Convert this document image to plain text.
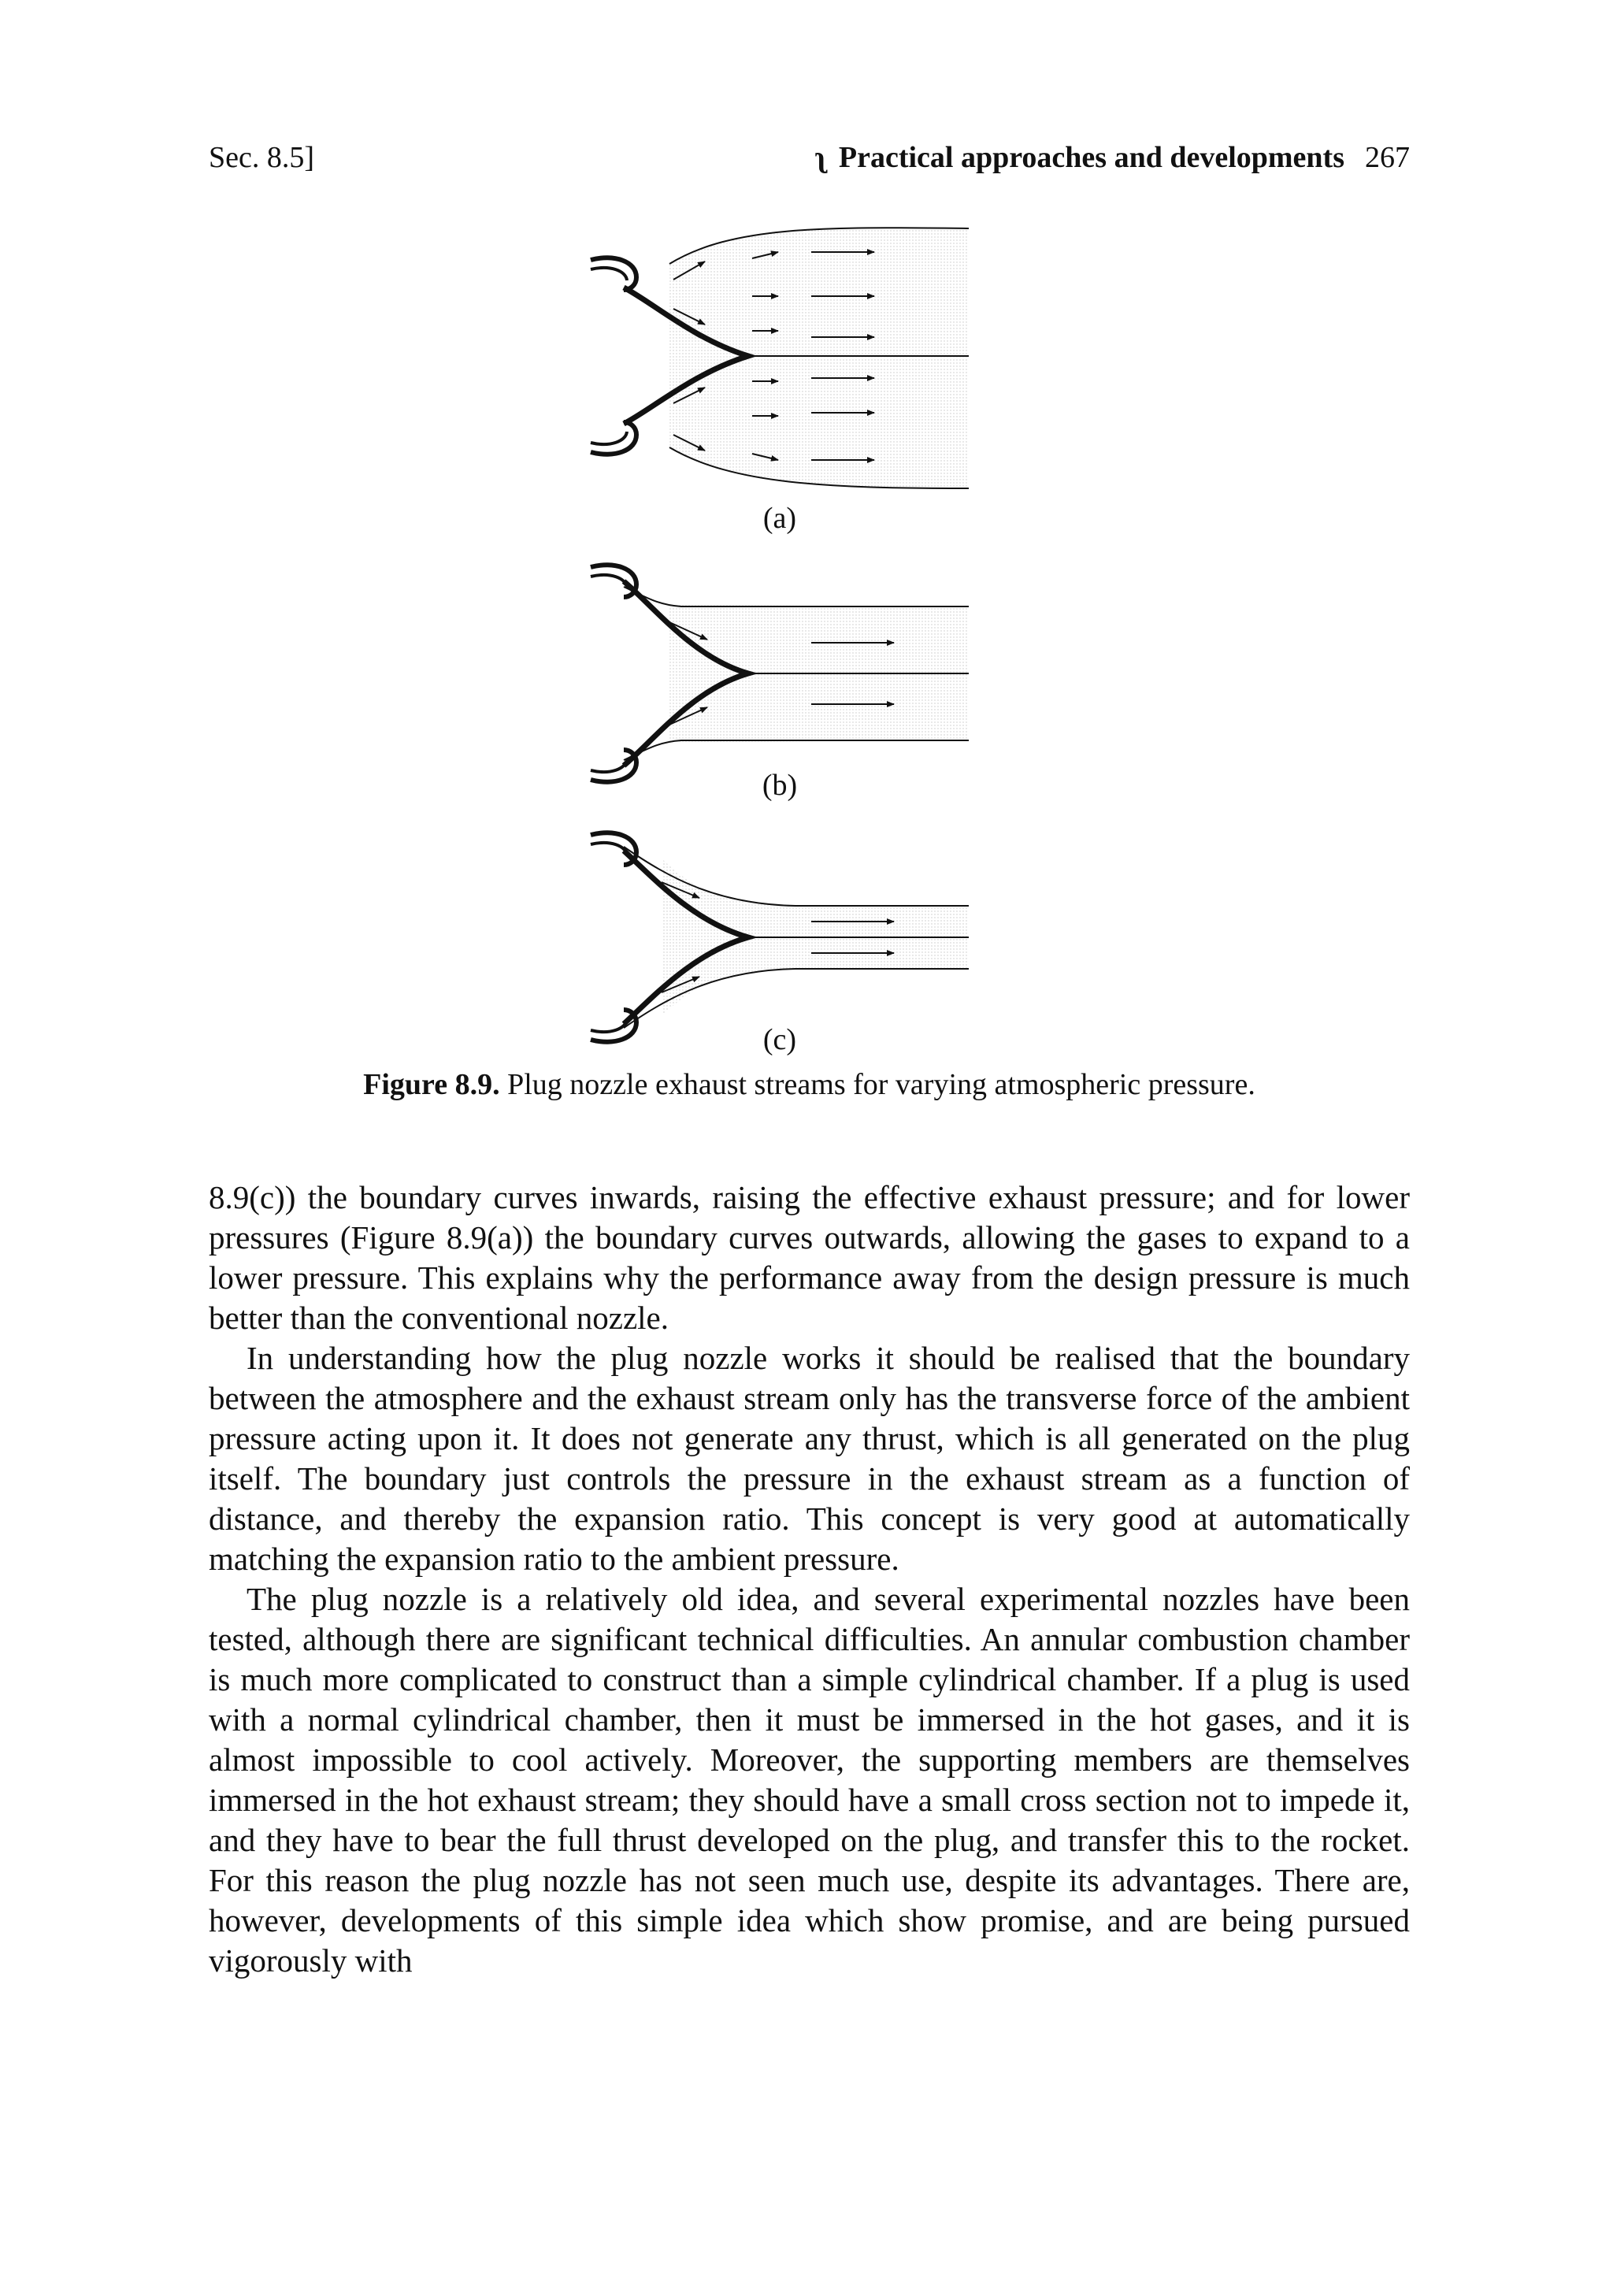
Sec. 8.5]	ʅ Practical approaches and developments 267
(a)
(b)
(c)
Figure 8.9. Plug nozzle exhaust streams for varying atmospheric pressure.

8.9(c)) the boundary curves inwards, raising the effective exhaust pressure; and for lower pressures (Figure 8.9(a)) the boundary curves outwards, allowing the gases to expand to a lower pressure. This explains why the performance away from the design pressure is much better than the conventional nozzle.

In understanding how the plug nozzle works it should be realised that the boundary between the atmosphere and the exhaust stream only has the transverse force of the ambient pressure acting upon it. It does not generate any thrust, which is all generated on the plug itself. The boundary just controls the pressure in the exhaust stream as a function of distance, and thereby the expansion ratio. This concept is very good at automatically matching the expansion ratio to the ambient pressure.

The plug nozzle is a relatively old idea, and several experimental nozzles have been tested, although there are significant technical difficulties. An annular combustion chamber is much more complicated to construct than a simple cylindrical chamber. If a plug is used with a normal cylindrical chamber, then it must be immersed in the hot gases, and it is almost impossible to cool actively. Moreover, the supporting members are themselves immersed in the hot exhaust stream; they should have a small cross section not to impede it, and they have to bear the full thrust developed on the plug, and transfer this to the rocket. For this reason the plug nozzle has not seen much use, despite its advantages. There are, however, developments of this simple idea which show promise, and are being pursued vigorously with
